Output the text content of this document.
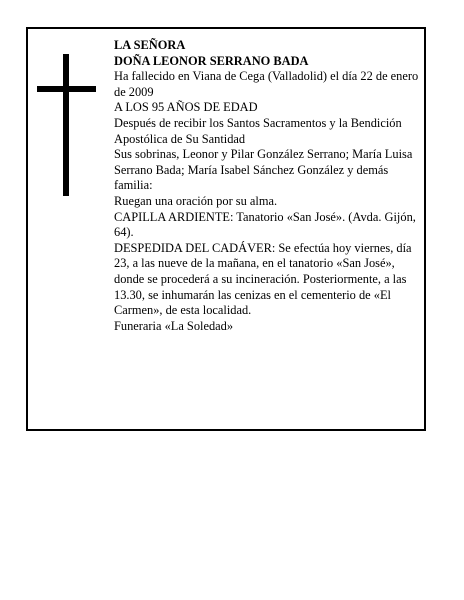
LA SEÑORA

DOÑA LEONOR SERRANO BADA

Ha fallecido en Viana de Cega (Valladolid) el día 22 de enero de 2009

A LOS 95 AÑOS DE EDAD

Después de recibir los Santos Sacramentos y la Bendición Apostólica de Su Santidad

Sus sobrinas, Leonor y Pilar González Serrano; María Luisa Serrano Bada; María Isabel Sánchez González y demás familia:

Ruegan una oración por su alma.

CAPILLA ARDIENTE: Tanatorio «San José». (Avda. Gijón, 64).

DESPEDIDA DEL CADÁVER: Se efectúa hoy viernes, día 23, a las nueve de la mañana, en el tanatorio «San José», donde se procederá a su incineración. Posteriormente, a las 13.30, se inhumarán las cenizas en el cementerio de «El Carmen», de esta localidad.

Funeraria «La Soledad»
